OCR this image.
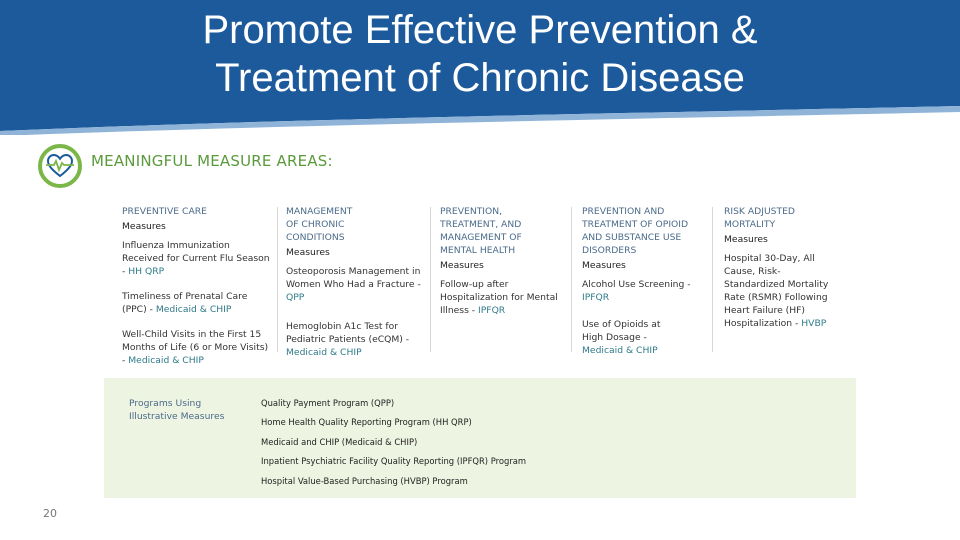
Promote Effective Prevention &
Treatment of Chronic Disease
MEANINGFUL MEASURE AREAS:
PREVENTIVE CARE
Measures
Influenza Immunization Received for Current Flu Season - HH QRP
Timeliness of Prenatal Care (PPC) - Medicaid & CHIP
Well-Child Visits in the First 15 Months of Life (6 or More Visits) - Medicaid & CHIP
MANAGEMENT OF CHRONIC CONDITIONS
Measures
Osteoporosis Management in Women Who Had a Fracture - QPP
Hemoglobin A1c Test for Pediatric Patients (eCQM) - Medicaid & CHIP
PREVENTION, TREATMENT, AND MANAGEMENT OF MENTAL HEALTH
Measures
Follow-up after Hospitalization for Mental Illness - IPFQR
PREVENTION AND TREATMENT OF OPIOID AND SUBSTANCE USE DISORDERS
Measures
Alcohol Use Screening - IPFQR
Use of Opioids at High Dosage - Medicaid & CHIP
RISK ADJUSTED MORTALITY
Measures
Hospital 30-Day, All Cause, Risk-Standardized Mortality Rate (RSMR) Following Heart Failure (HF) Hospitalization - HVBP
Programs Using Illustrative Measures
Quality Payment Program (QPP)
Home Health Quality Reporting Program (HH QRP)
Medicaid and CHIP (Medicaid & CHIP)
Inpatient Psychiatric Facility Quality Reporting (IPFQR) Program
Hospital Value-Based Purchasing (HVBP) Program
20
